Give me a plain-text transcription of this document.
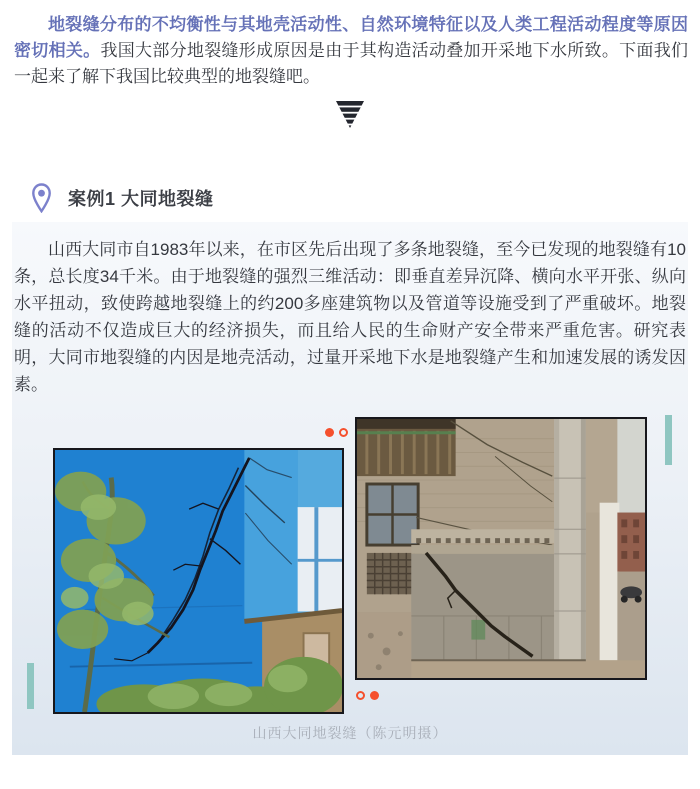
地裂缝分布的不均衡性与其地壳活动性、自然环境特征以及人类工程活动程度等原因密切相关。我国大部分地裂缝形成原因是由于其构造活动叠加开采地下水所致。下面我们一起来了解下我国比较典型的地裂缝吧。

案例1 大同地裂缝

山西大同市自1983年以来，在市区先后出现了多条地裂缝，至今已发现的地裂缝有10条，总长度34千米。由于地裂缝的强烈三维活动：即垂直差异沉降、横向水平开张、纵向水平扭动，致使跨越地裂缝上的约200多座建筑物以及管道等设施受到了严重破坏。地裂缝的活动不仅造成巨大的经济损失，而且给人民的生命财产安全带来严重危害。研究表明，大同市地裂缝的内因是地壳活动，过量开采地下水是地裂缝产生和加速发展的诱发因素。

山西大同地裂缝（陈元明摄）
